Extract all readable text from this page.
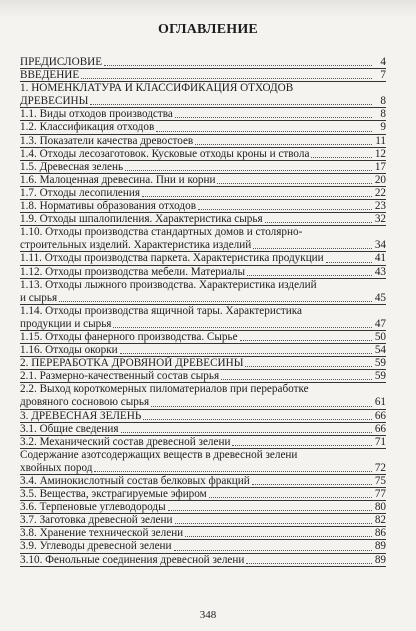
ОГЛАВЛЕНИЕ
ПРЕДИСЛОВИЕ	4
ВВЕДЕНИЕ	7
1. НОМЕНКЛАТУРА И КЛАССИФИКАЦИЯ ОТХОДОВ
ДРЕВЕСИНЫ	8
1.1. Виды отходов производства	8
1.2. Классификация отходов	9
1.3. Показатели качества древостоев	11
1.4. Отходы лесозаготовок. Кусковые отходы кроны и ствола	12
1.5. Древесная зелень	17
1.6. Малоценная древесина. Пни и корни	20
1.7. Отходы лесопиления	22
1.8. Нормативы образования отходов	23
1.9. Отходы шпалопиления. Характеристика сырья	32
1.10. Отходы производства стандартных домов и столярно-
строительных изделий. Характеристика изделий	34
1.11. Отходы производства паркета. Характеристика продукции	41
1.12. Отходы производства мебели. Материалы	43
1.13. Отходы лыжного производства. Характеристика изделий
и сырья	45
1.14. Отходы производства ящичной тары. Характеристика
продукции и сырья	47
1.15. Отходы фанерного производства. Сырье	50
1.16. Отходы окорки	54
2. ПЕРЕРАБОТКА ДРОВЯНОЙ ДРЕВЕСИНЫ	59
2.1. Размерно-качественный состав сырья	59
2.2. Выход короткомерных пиломатериалов при переработке
дровяного сосновою сырья	61
3. ДРЕВЕСНАЯ ЗЕЛЕНЬ	66
3.1. Общие сведения	66
3.2. Механический состав древесной зелени	71
Содержание азотсодержащих веществ в древесной зелени
хвойных пород	72
3.4. Аминокислотный состав белковых фракций	75
3.5. Вещества, экстрагируемые эфиром	77
3.6. Терпеновые углеводороды	80
3.7. Заготовка древесной зелени	82
3.8. Хранение технической зелени	86
3.9. Углеводы древесной зелени	89
3.10. Фенольные соединения древесной зелени	89
348
